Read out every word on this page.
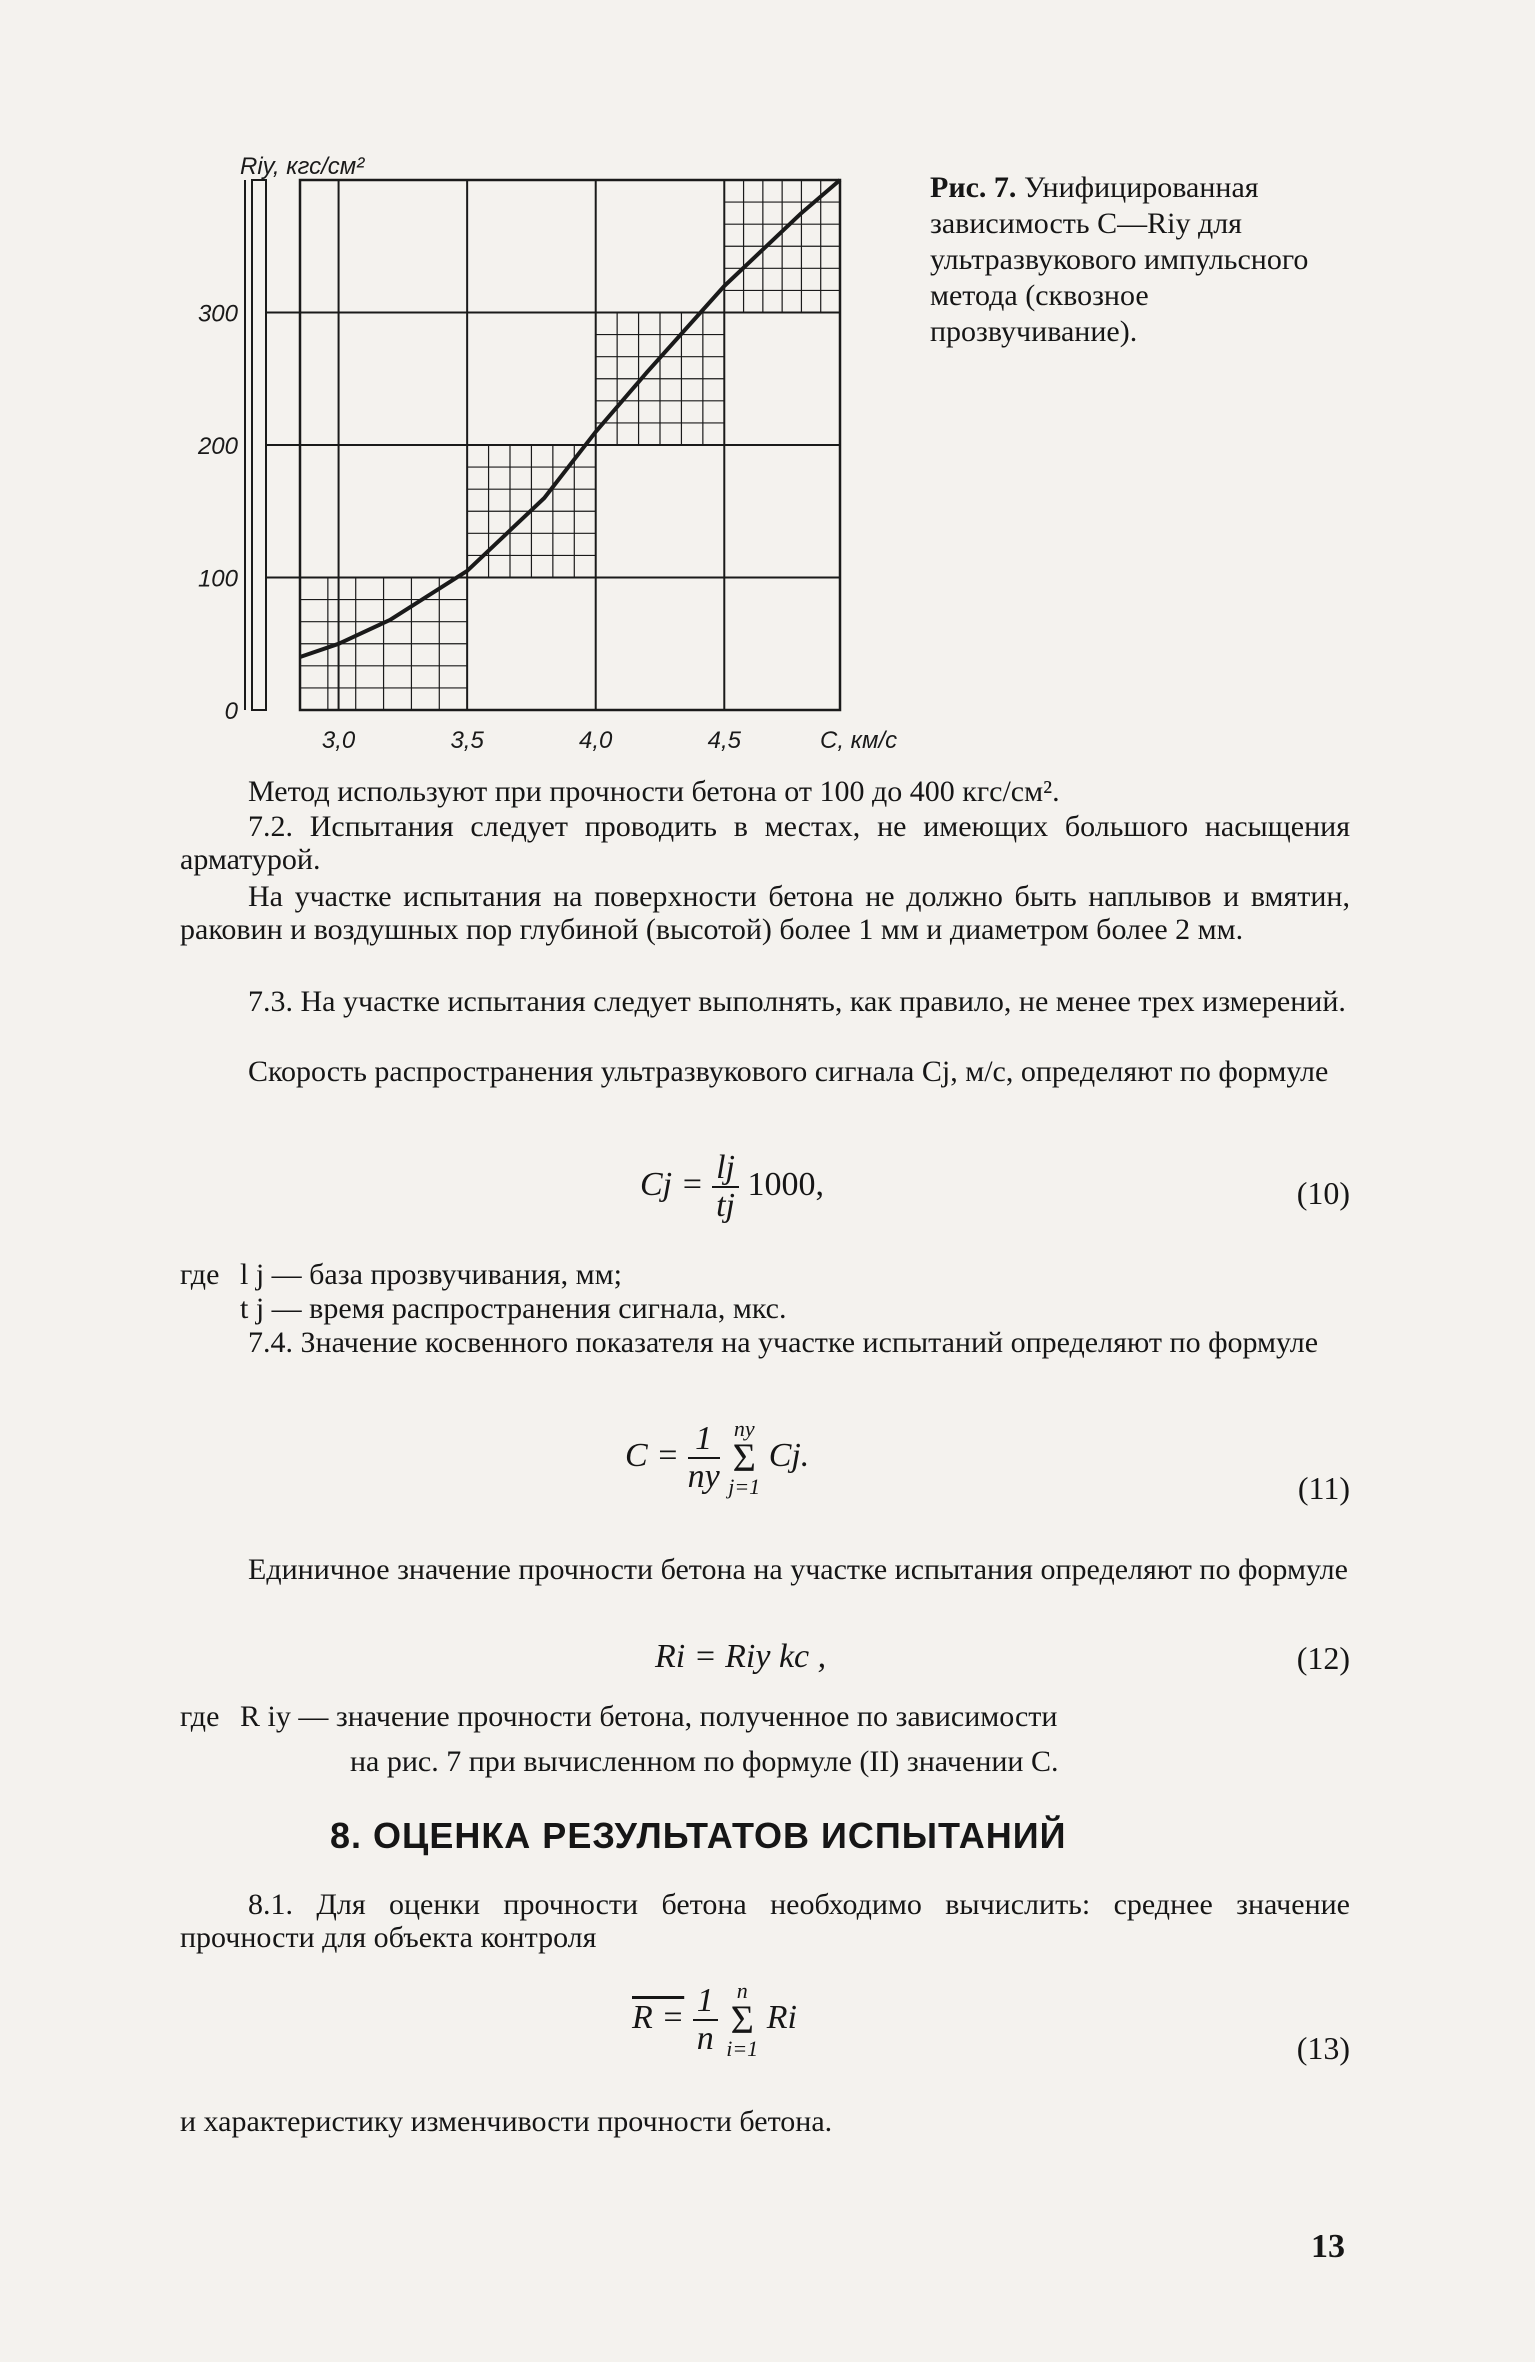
0
100
200
300
3,0	3,5	4,0	4,5	C, км/с
Riy, кгс/см²
Рис. 7. Унифицированная зависимость C—Riy для ультразвукового импульсного метода (сквозное прозвучивание).
Метод используют при прочности бетона от 100 до 400 кгс/см².
7.2. Испытания следует проводить в местах, не имеющих большого насыщения арматурой.
На участке испытания на поверхности бетона не должно быть наплывов и вмятин, раковин и воздушных пор глубиной (высотой) более 1 мм и диаметром более 2 мм.
7.3. На участке испытания следует выполнять, как правило, не менее трех измерений.
Скорость распространения ультразвукового сигнала Cj, м/с, определяют по формуле
$Cj = \frac{lj}{tj} 1000$,	(10)
где l j — база прозвучивания, мм;
t j — время распространения сигнала, мкс.
7.4. Значение косвенного показателя на участке испытаний определяют по формуле
$C = \frac{1}{nу}$ nу
Σ
j=1 Cj.
(11)
Единичное значение прочности бетона на участке испытания определяют по формуле
Ri = Riу kc ,	(12)
где R iу — значение прочности бетона, полученное по зависимости
на рис. 7 при вычисленном по формуле (II) значении C.
8. ОЦЕНКА РЕЗУЛЬТАТОВ ИСПЫТАНИЙ
8.1. Для оценки прочности бетона необходимо вычислить: среднее значение прочности для объекта контроля
$R = \frac{1}{n}$ n
Σ
i=1 Ri
(13)
и характеристику изменчивости прочности бетона.
13
